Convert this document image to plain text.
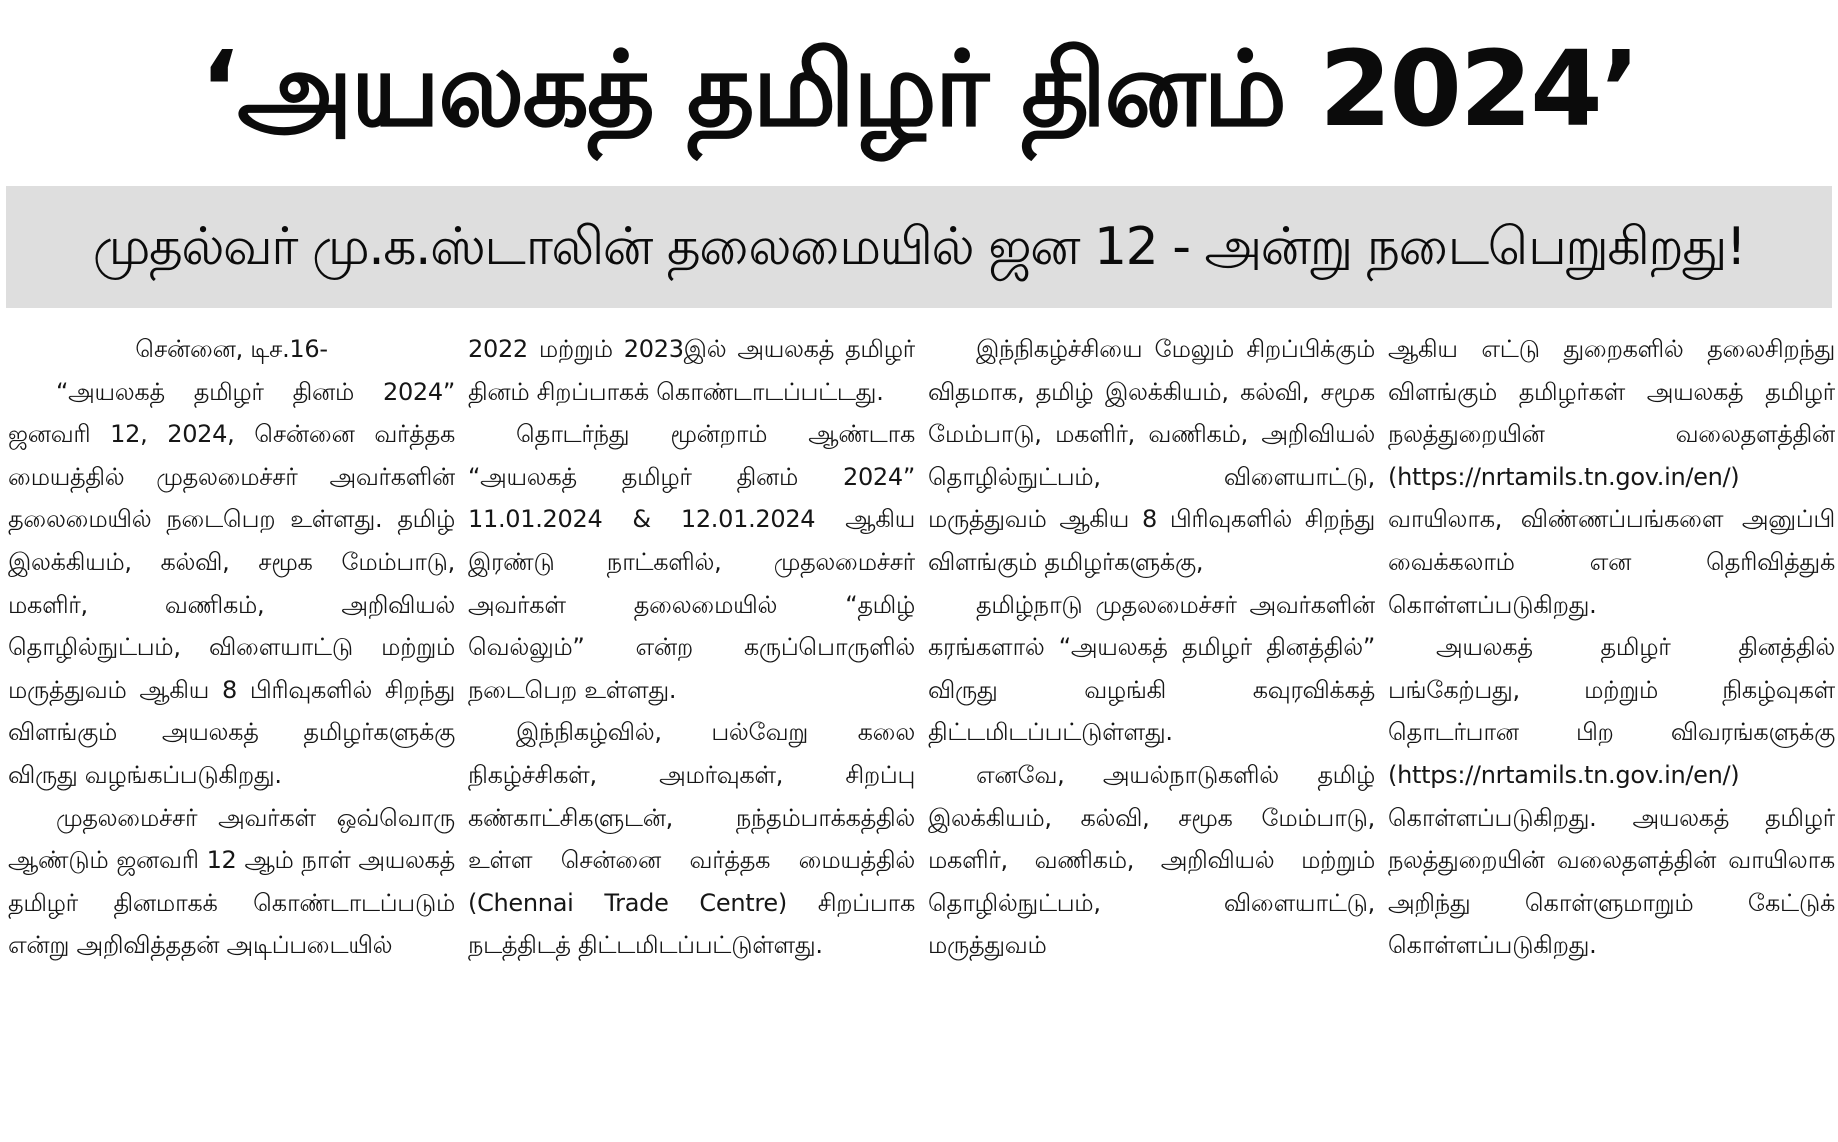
‘அயலகத் தமிழர் தினம் 2024’
முதல்வர் மு.க.ஸ்டாலின் தலைமையில் ஜன 12 - அன்று நடைபெறுகிறது!

சென்னை, டிச.16-

“அயலகத் தமிழர் தினம் 2024” ஜனவரி 12, 2024, சென்னை வர்த்தக மையத்தில் முதலமைச்சர் அவர்களின் தலைமையில் நடைபெற உள்ளது. தமிழ் இலக்கியம், கல்வி, சமூக மேம்பாடு, மகளிர், வணிகம், அறிவியல் தொழில்நுட்பம், விளையாட்டு மற்றும் மருத்துவம் ஆகிய 8 பிரிவுகளில் சிறந்து விளங்கும் அயலகத் தமிழர்களுக்கு விருது வழங்கப்படுகிறது.

முதலமைச்சர் அவர்கள் ஒவ்வொரு ஆண்டும் ஜனவரி 12 ஆம் நாள் அயலகத் தமிழர் தினமாகக் கொண்டாடப்படும் என்று அறிவித்ததன் அடிப்படையில்

2022 மற்றும் 2023இல் அயலகத் தமிழர் தினம் சிறப்பாகக் கொண்டாடப்பட்டது.

தொடர்ந்து மூன்றாம் ஆண்டாக “அயலகத் தமிழர் தினம் 2024” 11.01.2024 & 12.01.2024 ஆகிய இரண்டு நாட்களில், முதலமைச்சர் அவர்கள் தலைமையில் “தமிழ் வெல்லும்” என்ற கருப்பொருளில் நடைபெற உள்ளது.

இந்நிகழ்வில், பல்வேறு கலை நிகழ்ச்சிகள், அமர்வுகள், சிறப்பு கண்காட்சிகளுடன், நந்தம்பாக்கத்தில் உள்ள சென்னை வர்த்தக மையத்தில் (Chennai Trade Centre) சிறப்பாக நடத்திடத் திட்டமிடப்பட்டுள்ளது.

இந்நிகழ்ச்சியை மேலும் சிறப்பிக்கும் விதமாக, தமிழ் இலக்கியம், கல்வி, சமூக மேம்பாடு, மகளிர், வணிகம், அறிவியல் தொழில்நுட்பம், விளையாட்டு, மருத்துவம் ஆகிய 8 பிரிவுகளில் சிறந்து விளங்கும் தமிழர்களுக்கு,

தமிழ்நாடு முதலமைச்சர் அவர்களின் கரங்களால் “அயலகத் தமிழர் தினத்தில்” விருது வழங்கி கவுரவிக்கத் திட்டமிடப்பட்டுள்ளது.

எனவே, அயல்நாடுகளில் தமிழ் இலக்கியம், கல்வி, சமூக மேம்பாடு, மகளிர், வணிகம், அறிவியல் மற்றும் தொழில்நுட்பம், விளையாட்டு, மருத்துவம்

ஆகிய எட்டு துறைகளில் தலைசிறந்து விளங்கும் தமிழர்கள் அயலகத் தமிழர் நலத்துறையின் வலைதளத்தின் (https://nrtamils.tn.gov.in/en/) வாயிலாக, விண்ணப்பங்களை அனுப்பி வைக்கலாம் என தெரிவித்துக் கொள்ளப்படுகிறது.

அயலகத் தமிழர் தினத்தில் பங்கேற்பது, மற்றும் நிகழ்வுகள் தொடர்பான பிற விவரங்களுக்கு (https://nrtamils.tn.gov.in/en/) கொள்ளப்படுகிறது. அயலகத் தமிழர் நலத்துறையின் வலைதளத்தின் வாயிலாக அறிந்து கொள்ளுமாறும் கேட்டுக் கொள்ளப்படுகிறது.
